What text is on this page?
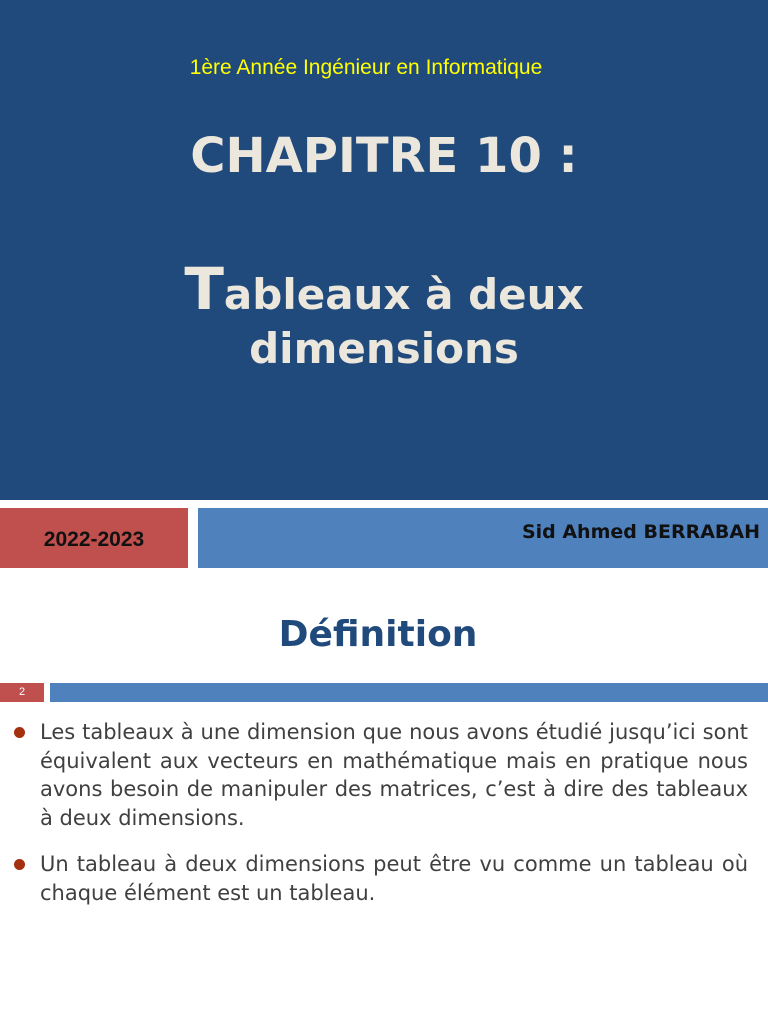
1ère Année Ingénieur en Informatique
CHAPITRE 10 :
Tableaux à deux
dimensions
2022-2023	Sid Ahmed BERRABAH
Définition
2
Les tableaux à une dimension que nous avons étudié jusqu’ici sont équivalent aux vecteurs en mathématique mais en pratique nous avons besoin de manipuler des matrices, c’est à dire des tableaux à deux dimensions.
Un tableau à deux dimensions peut être vu comme un tableau où chaque élément est un tableau.
